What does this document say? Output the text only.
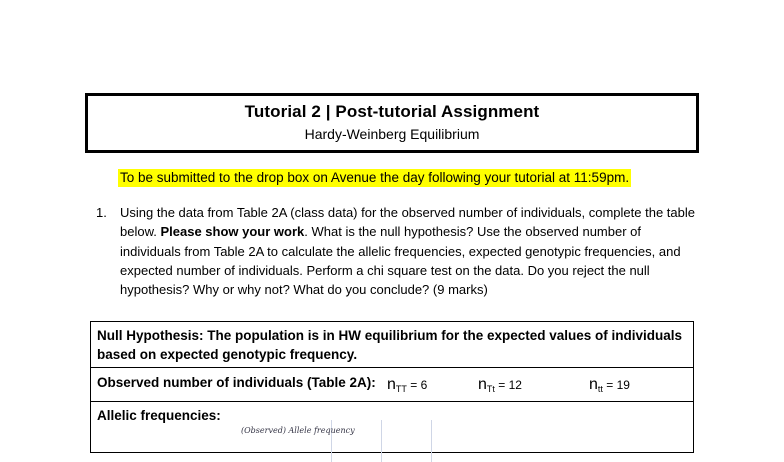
Tutorial 2 | Post-tutorial Assignment
Hardy-Weinberg Equilibrium
To be submitted to the drop box on Avenue the day following your tutorial at 11:59pm.
1.	Using the data from Table 2A (class data) for the observed number of individuals, complete the table below. Please show your work. What is the null hypothesis? Use the observed number of individuals from Table 2A to calculate the allelic frequencies, expected genotypic frequencies, and expected number of individuals. Perform a chi square test on the data. Do you reject the null hypothesis? Why or why not? What do you conclude? (9 marks)
Null Hypothesis: The population is in HW equilibrium for the expected values of individuals based on expected genotypic frequency.
Observed number of individuals (Table 2A): $n_{TT} = 6$	$n_{Tt} = 12$	$n_{tt} = 19$
Allelic frequencies:
(Observed) Allele frequency
